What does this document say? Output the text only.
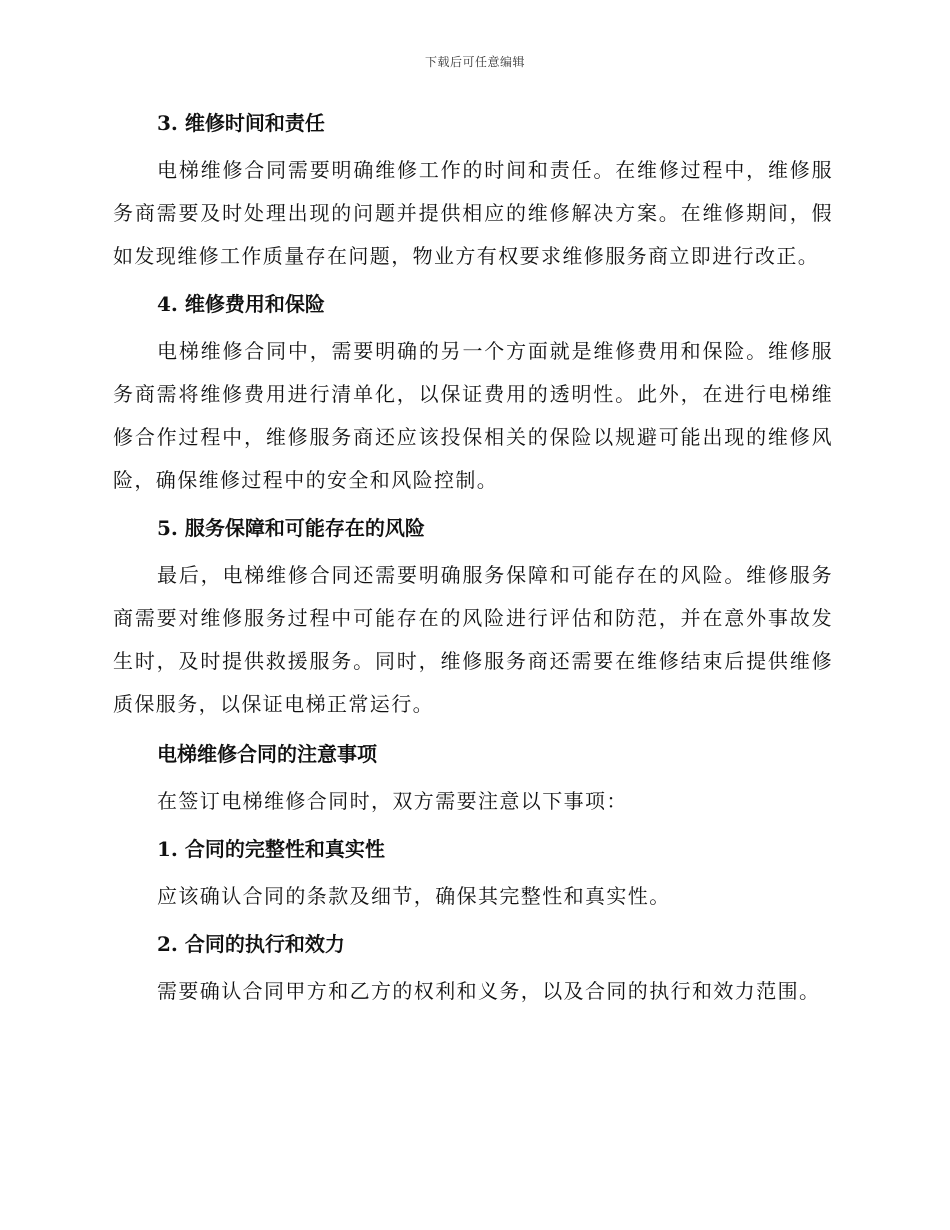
下载后可任意编辑

3. 维修时间和责任

电梯维修合同需要明确维修工作的时间和责任。在维修过程中，维修服务商需要及时处理出现的问题并提供相应的维修解决方案。在维修期间，假如发现维修工作质量存在问题，物业方有权要求维修服务商立即进行改正。

4. 维修费用和保险

电梯维修合同中，需要明确的另一个方面就是维修费用和保险。维修服务商需将维修费用进行清单化，以保证费用的透明性。此外，在进行电梯维修合作过程中，维修服务商还应该投保相关的保险以规避可能出现的维修风险，确保维修过程中的安全和风险控制。

5. 服务保障和可能存在的风险

最后，电梯维修合同还需要明确服务保障和可能存在的风险。维修服务商需要对维修服务过程中可能存在的风险进行评估和防范，并在意外事故发生时，及时提供救援服务。同时，维修服务商还需要在维修结束后提供维修质保服务，以保证电梯正常运行。

电梯维修合同的注意事项

在签订电梯维修合同时，双方需要注意以下事项：

1. 合同的完整性和真实性

应该确认合同的条款及细节，确保其完整性和真实性。

2. 合同的执行和效力

需要确认合同甲方和乙方的权利和义务，以及合同的执行和效力范围。
